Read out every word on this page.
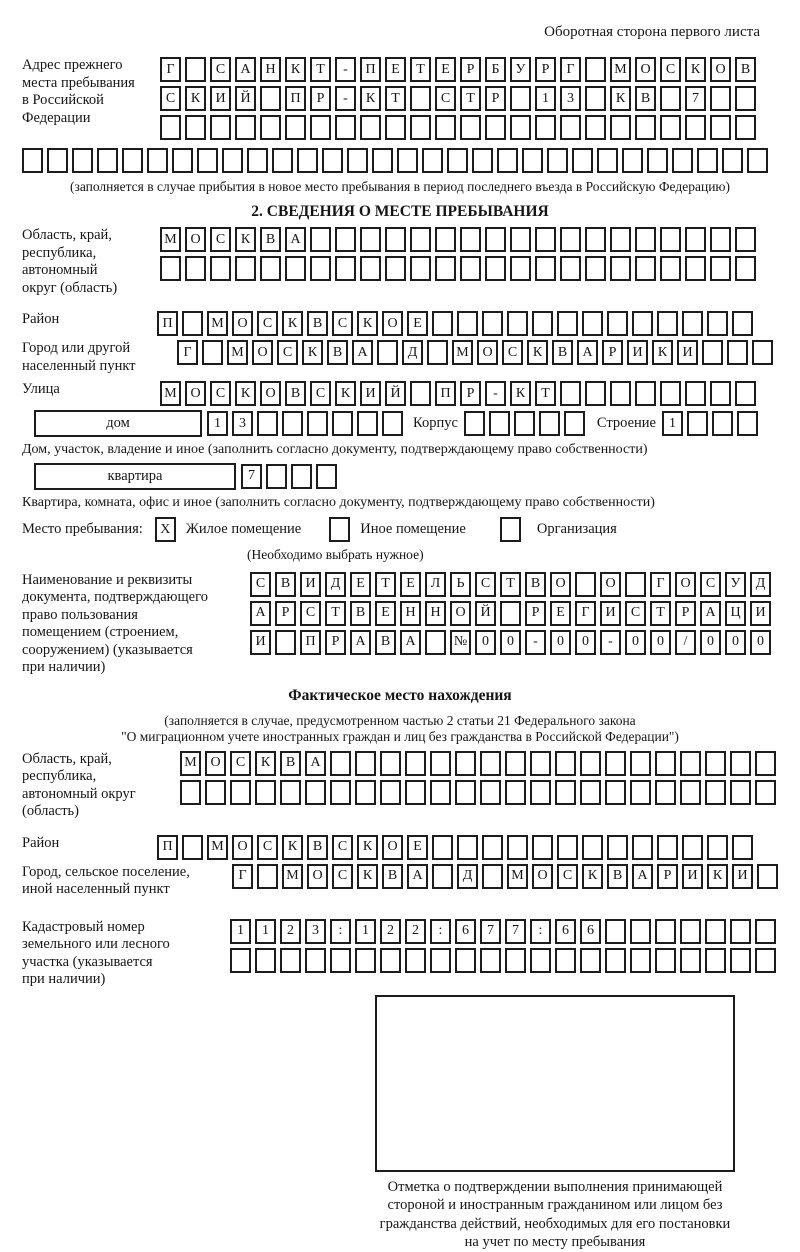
Оборотная сторона первого листа
Адрес прежнего
места пребывания
в Российской
Федерации
Г	С	А	Н	К	Т	-	П	Е	Т	Е	Р	Б	У	Р	Г	М О	С	К	О	В
С	К	И	Й	П	Р	-	К	Т	С	Т	Р	1	3	К	В	7
(заполняется в случае прибытия в новое место пребывания в период последнего въезда в Российскую Федерацию)
2. СВЕДЕНИЯ О МЕСТЕ ПРЕБЫВАНИЯ
Область, край,
республика,
автономный
округ (область)
М О	С	К	В	А
Район	П	М О	С	К	В	С	К	О	Е
Город или другой
населенный пункт
Г	М О	С	К	В	А	Д	М О	С	К	В	А	Р	И	К	И
Улица	М О	С	К	О	В	С	К	И	Й	П	Р	-	К	Т
дом	1	3	Корпус	Строение 1
Дом, участок, владение и иное (заполнить согласно документу, подтверждающему право собственности)
квартира	7
Квартира, комната, офис и иное (заполнить согласно документу, подтверждающему право собственности)
Место пребывания:	X	Жилое помещение	Иное помещение	Организация
(Необходимо выбрать нужное)
Наименование и реквизиты
документа, подтверждающего
право пользования
помещением (строением,
сооружением) (указывается
при наличии)
С	В	И	Д	Е	Т	Е	Л	Ь	С	Т	В	О	О	Г	О	С	У	Д
А	Р	С	Т	В	Е	Н	Н	О	Й	Р	Е	Г	И	С	Т	Р	А	Ц	И
И	П	Р	А	В	А	№	0	0	-	0	0	-	0	0	/	0	0	0
Фактическое место нахождения
(заполняется в случае, предусмотренном частью 2 статьи 21 Федерального закона
"О миграционном учете иностранных граждан и лиц без гражданства в Российской Федерации")
Область, край,
республика,
автономный округ
(область)
М О	С	К	В	А
Район	П	М О	С	К	В	С	К	О	Е
Город, сельское поселение,
иной населенный пункт
Г	М О	С	К	В	А	Д	М О	С	К	В	А	Р	И	К	И
Кадастровый номер
земельного или лесного
участка (указывается
при наличии)
1	1	2	3	:	1	2	2	:	6	7	7	:	6	6
Отметка о подтверждении выполнения принимающей
стороной и иностранным гражданином или лицом без
гражданства действий, необходимых для его постановки
на учет по месту пребывания
